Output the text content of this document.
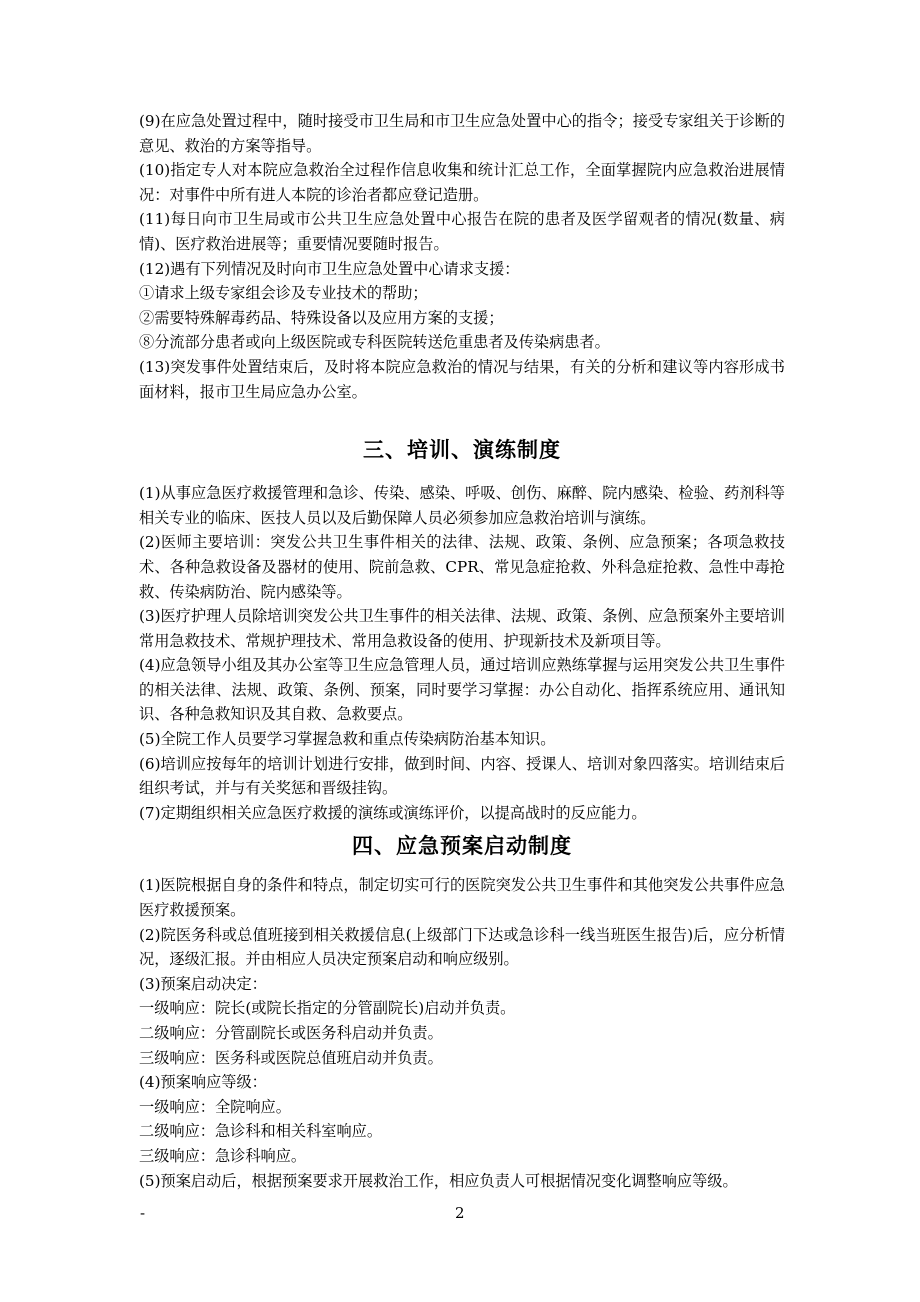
(9)在应急处置过程中，随时接受市卫生局和市卫生应急处置中心的指令；接受专家组关于诊断的意见、救治的方案等指导。

(10)指定专人对本院应急救治全过程作信息收集和统计汇总工作，全面掌握院内应急救治进展情况：对事件中所有进人本院的诊治者都应登记造册。

(11)每日向市卫生局或市公共卫生应急处置中心报告在院的患者及医学留观者的情况(数量、病情)、医疗救治进展等；重要情况要随时报告。

(12)遇有下列情况及时向市卫生应急处置中心请求支援：

①请求上级专家组会诊及专业技术的帮助；

②需要特殊解毒药品、特殊设备以及应用方案的支援；

⑧分流部分患者或向上级医院或专科医院转送危重患者及传染病患者。

(13)突发事件处置结束后，及时将本院应急救治的情况与结果，有关的分析和建议等内容形成书面材料，报市卫生局应急办公室。

三、培训、演练制度

(1)从事应急医疗救援管理和急诊、传染、感染、呼吸、创伤、麻醉、院内感染、检验、药剂科等相关专业的临床、医技人员以及后勤保障人员必须参加应急救治培训与演练。

(2)医师主要培训：突发公共卫生事件相关的法律、法规、政策、条例、应急预案；各项急救技术、各种急救设备及器材的使用、院前急救、CPR、常见急症抢救、外科急症抢救、急性中毒抢救、传染病防治、院内感染等。

(3)医疗护理人员除培训突发公共卫生事件的相关法律、法规、政策、条例、应急预案外主要培训常用急救技术、常规护理技术、常用急救设备的使用、护现新技术及新项目等。

(4)应急领导小组及其办公室等卫生应急管理人员，通过培训应熟练掌握与运用突发公共卫生事件的相关法律、法规、政策、条例、预案，同时要学习掌握：办公自动化、指挥系统应用、通讯知识、各种急救知识及其自救、急救要点。

(5)全院工作人员要学习掌握急救和重点传染病防治基本知识。

(6)培训应按每年的培训计划进行安排，做到时间、内容、授课人、培训对象四落实。培训结束后组织考试，并与有关奖惩和晋级挂钩。

(7)定期组织相关应急医疗救援的演练或演练评价，以提高战时的反应能力。

四、应急预案启动制度

(1)医院根据自身的条件和特点，制定切实可行的医院突发公共卫生事件和其他突发公共事件应急医疗救援预案。

(2)院医务科或总值班接到相关救援信息(上级部门下达或急诊科一线当班医生报告)后，应分析情况，逐级汇报。并由相应人员决定预案启动和响应级别。

(3)预案启动决定：

一级响应：院长(或院长指定的分管副院长)启动并负责。

二级响应：分管副院长或医务科启动并负责。

三级响应：医务科或医院总值班启动并负责。

(4)预案响应等级：

一级响应：全院响应。

二级响应：急诊科和相关科室响应。

三级响应：急诊科响应。

(5)预案启动后，根据预案要求开展救治工作，相应负责人可根据情况变化调整响应等级。

-	2
